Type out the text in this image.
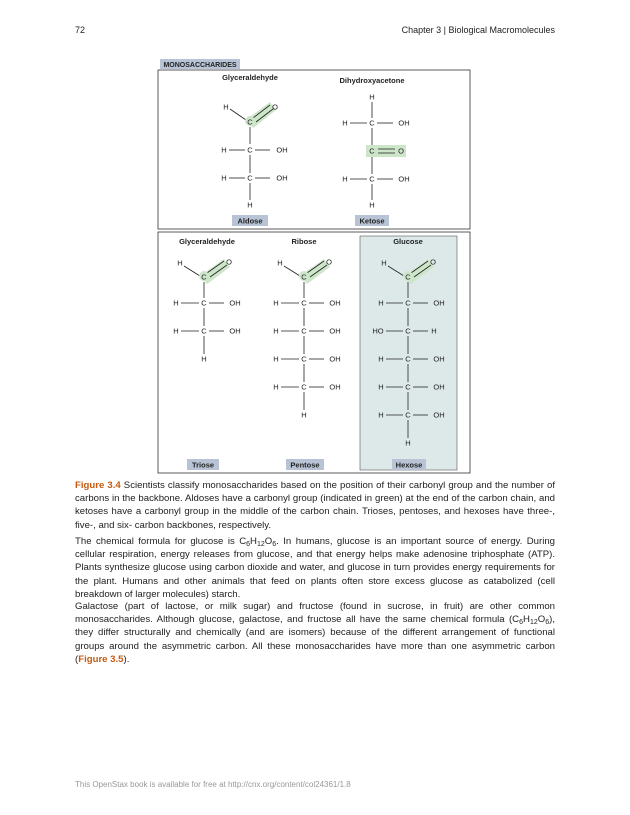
72	Chapter 3 | Biological Macromolecules
MONOSACCHARIDES
Glyceraldehyde
H	O
C
H	C	OH
H	C	OH
H
Aldose
Dihydroxyacetone
H
H	C	OH
C	O
H	C	OH
H
Ketose
Glyceraldehyde
H	O
C
H	C	OH
H	C	OH
H
Triose
Ribose
H	O
C
H	C	OH
H	C	OH
H	C	OH
H	C	OH
H
Pentose
Glucose
H	O
C
H	C	OH
HO	C	H
H	C	OH
H	C	OH
H	C	OH
H
Hexose
Figure 3.4 Scientists classify monosaccharides based on the position of their carbonyl group and the number of carbons in the backbone. Aldoses have a carbonyl group (indicated in green) at the end of the carbon chain, and ketoses have a carbonyl group in the middle of the carbon chain. Trioses, pentoses, and hexoses have three-, five-, and six- carbon backbones, respectively.
The chemical formula for glucose is $C_6H_{12}O_6$. In humans, glucose is an important source of energy. During cellular respiration, energy releases from glucose, and that energy helps make adenosine triphosphate (ATP). Plants synthesize glucose using carbon dioxide and water, and glucose in turn provides energy requirements for the plant. Humans and other animals that feed on plants often store excess glucose as catabolized (cell breakdown of larger molecules) starch.
Galactose (part of lactose, or milk sugar) and fructose (found in sucrose, in fruit) are other common monosaccharides. Although glucose, galactose, and fructose all have the same chemical formula $(C_6H_{12}O_6)$, they differ structurally and chemically (and are isomers) because of the different arrangement of functional groups around the asymmetric carbon. All these monosaccharides have more than one asymmetric carbon (Figure 3.5).
This OpenStax book is available for free at http://cnx.org/content/col24361/1.8
